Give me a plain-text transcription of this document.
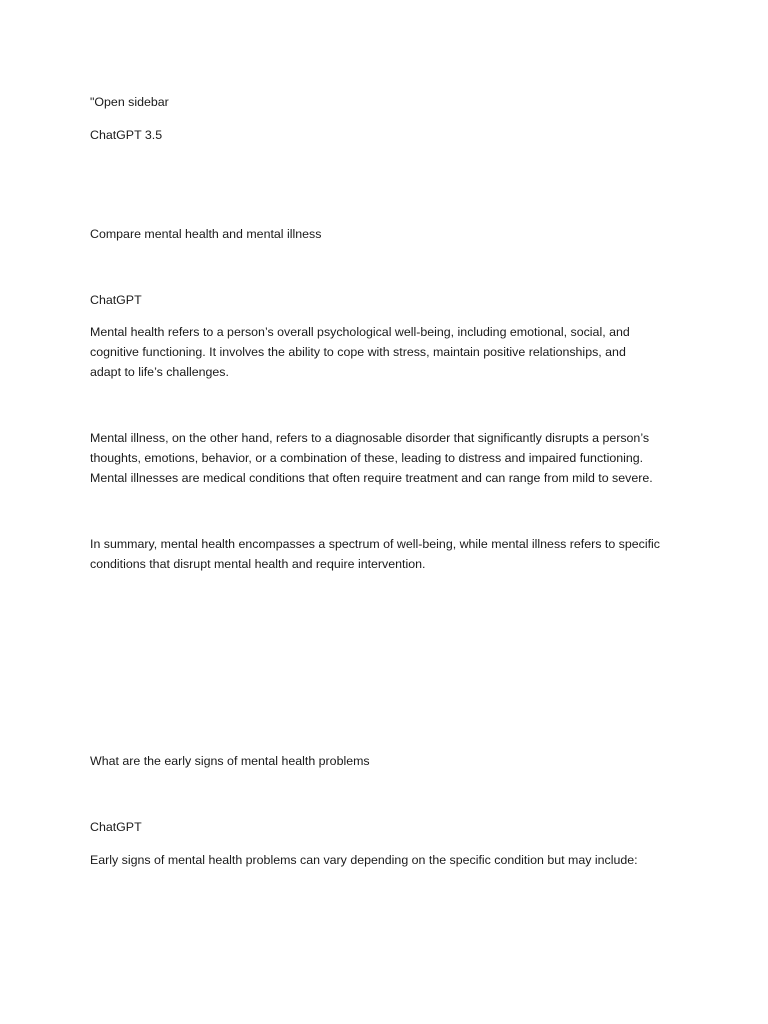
"Open sidebar
ChatGPT 3.5
Compare mental health and mental illness
ChatGPT
Mental health refers to a person’s overall psychological well-being, including emotional, social, and
cognitive functioning. It involves the ability to cope with stress, maintain positive relationships, and
adapt to life’s challenges.
Mental illness, on the other hand, refers to a diagnosable disorder that significantly disrupts a person’s
thoughts, emotions, behavior, or a combination of these, leading to distress and impaired functioning.
Mental illnesses are medical conditions that often require treatment and can range from mild to severe.
In summary, mental health encompasses a spectrum of well-being, while mental illness refers to specific
conditions that disrupt mental health and require intervention.
What are the early signs of mental health problems
ChatGPT
Early signs of mental health problems can vary depending on the specific condition but may include:
